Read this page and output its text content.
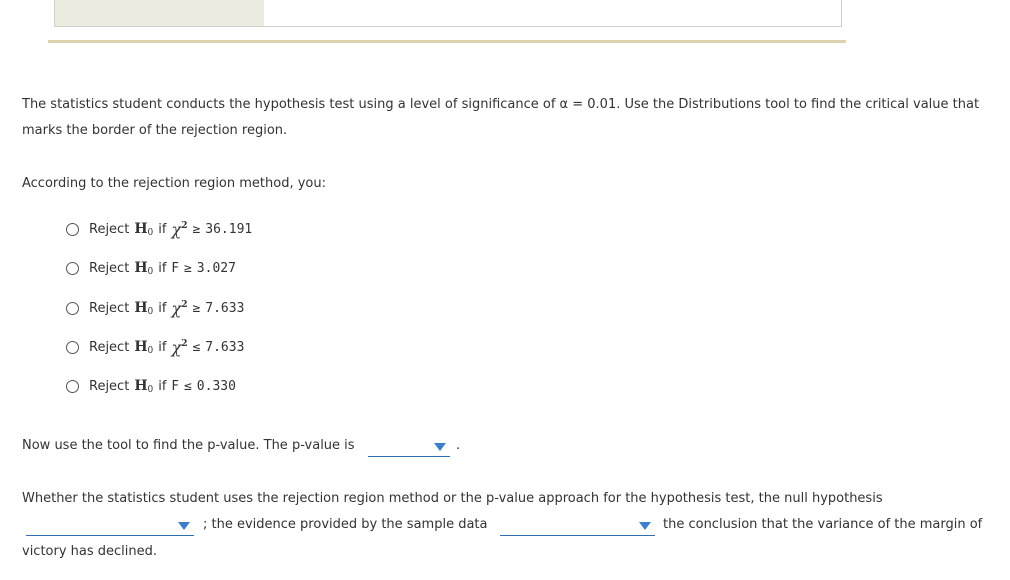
The statistics student conducts the hypothesis test using a level of significance of α = 0.01. Use the Distributions tool to find the critical value that
marks the border of the rejection region.
According to the rejection region method, you:
Reject $H_0$ if $\chi^2 \ge 36.191$
Reject $H_0$ if F ≥ 3.027
Reject $H_0$ if $\chi^2 \ge 7.633$
Reject $H_0$ if $\chi^2 \le 7.633$
Reject $H_0$ if F ≤ 0.330
Now use the tool to find the p-value. The p-value is	.
Whether the statistics student uses the rejection region method or the p-value approach for the hypothesis test, the null hypothesis
; the evidence provided by the sample data	the conclusion that the variance of the margin of
victory has declined.
